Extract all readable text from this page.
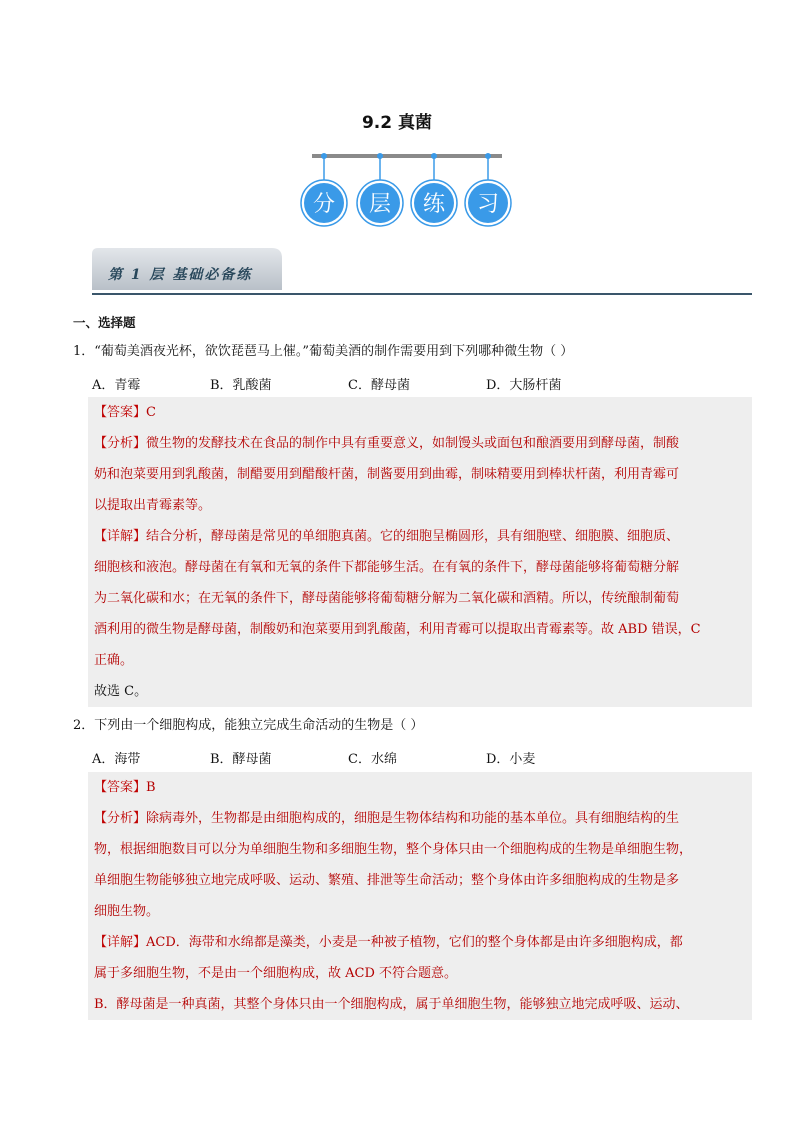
9.2 真菌
分 层 练 习
第 1 层 基础必备练
一、选择题
1．“葡萄美酒夜光杯，欲饮琵琶马上催。”葡萄美酒的制作需要用到下列哪种微生物（ ）
A．青霉	B．乳酸菌	C．酵母菌	D．大肠杆菌

【答案】C

【分析】微生物的发酵技术在食品的制作中具有重要意义，如制馒头或面包和酿酒要用到酵母菌，制酸

奶和泡菜要用到乳酸菌，制醋要用到醋酸杆菌，制酱要用到曲霉，制味精要用到棒状杆菌，利用青霉可

以提取出青霉素等。

【详解】结合分析，酵母菌是常见的单细胞真菌。它的细胞呈椭圆形，具有细胞壁、细胞膜、细胞质、

细胞核和液泡。酵母菌在有氧和无氧的条件下都能够生活。在有氧的条件下，酵母菌能够将葡萄糖分解

为二氧化碳和水；在无氧的条件下，酵母菌能够将葡萄糖分解为二氧化碳和酒精。所以，传统酿制葡萄

酒利用的微生物是酵母菌，制酸奶和泡菜要用到乳酸菌，利用青霉可以提取出青霉素等。故 ABD 错误，C

正确。

故选 C。

2．下列由一个细胞构成，能独立完成生命活动的生物是（ ）
A．海带	B．酵母菌	C．水绵	D．小麦

【答案】B

【分析】除病毒外，生物都是由细胞构成的，细胞是生物体结构和功能的基本单位。具有细胞结构的生

物，根据细胞数目可以分为单细胞生物和多细胞生物，整个身体只由一个细胞构成的生物是单细胞生物，

单细胞生物能够独立地完成呼吸、运动、繁殖、排泄等生命活动；整个身体由许多细胞构成的生物是多

细胞生物。

【详解】ACD．海带和水绵都是藻类，小麦是一种被子植物，它们的整个身体都是由许多细胞构成，都

属于多细胞生物，不是由一个细胞构成，故 ACD 不符合题意。

B．酵母菌是一种真菌，其整个身体只由一个细胞构成，属于单细胞生物，能够独立地完成呼吸、运动、
